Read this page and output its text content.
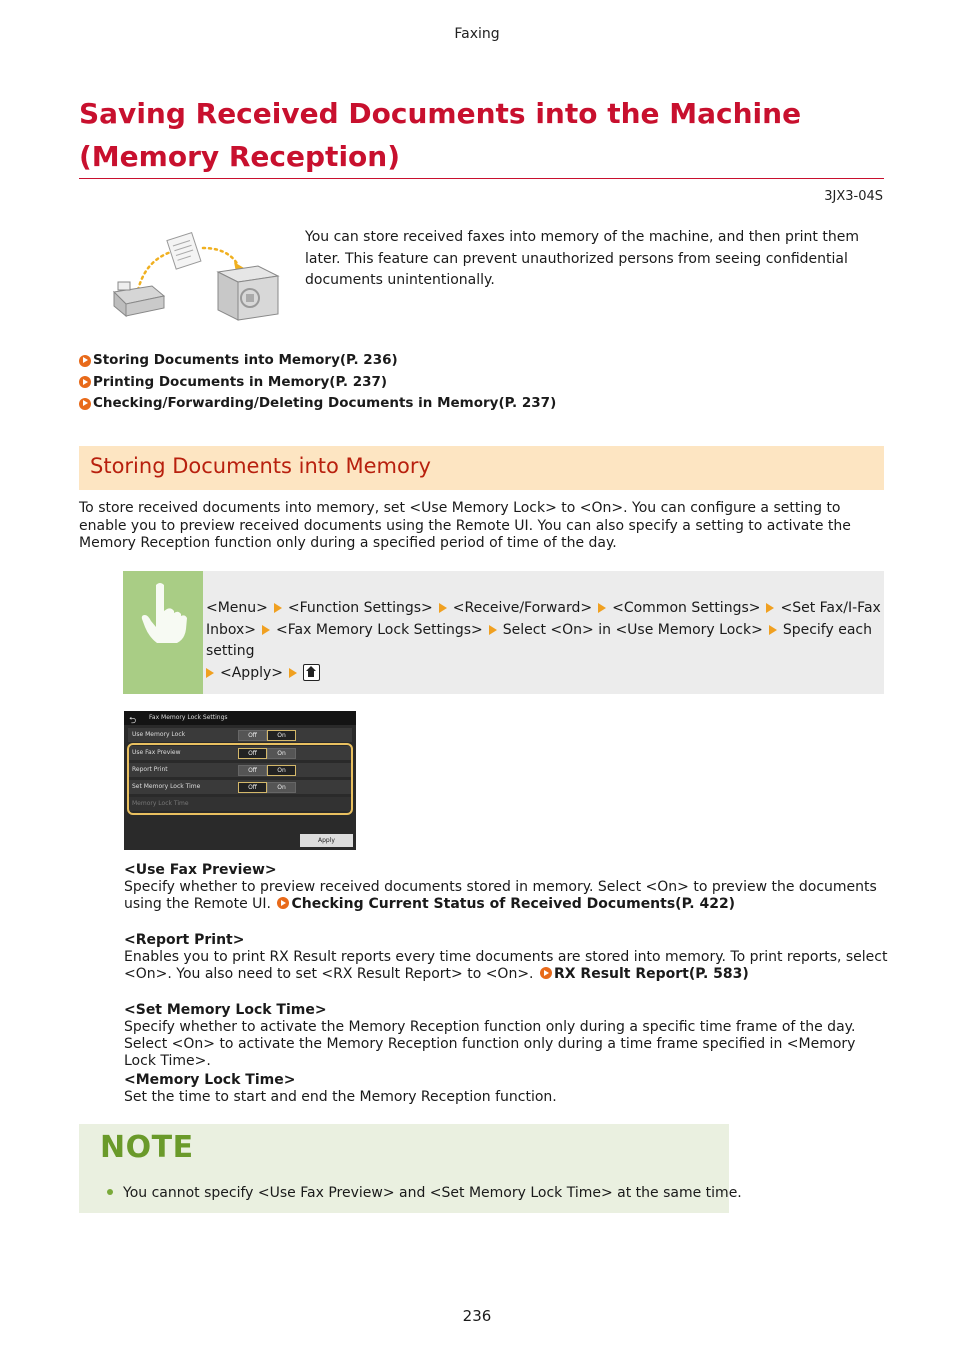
Faxing
Saving Received Documents into the Machine (Memory Reception)
3JX3-04S
You can store received faxes into memory of the machine, and then print them later. This feature can prevent unauthorized persons from seeing confidential documents unintentionally.
Storing Documents into Memory(P. 236)
Printing Documents in Memory(P. 237)
Checking/Forwarding/Deleting Documents in Memory(P. 237)
Storing Documents into Memory
To store received documents into memory, set <Use Memory Lock> to <On>. You can configure a setting to enable you to preview received documents using the Remote UI. You can also specify a setting to activate the Memory Reception function only during a specified period of time of the day.
<Menu> <Function Settings> <Receive/Forward> <Common Settings> <Set Fax/I-Fax Inbox> <Fax Memory Lock Settings> Select <On> in <Use Memory Lock> Specify each setting
<Apply>
⮌ Fax Memory Lock Settings
Use Memory Lock	Off	On
Use Fax Preview	Off	On
Report Print	Off	On
Set Memory Lock Time	Off	On
Memory Lock Time
Apply
<Use Fax Preview>
Specify whether to preview received documents stored in memory. Select <On> to preview the documents using the Remote UI. Checking Current Status of Received Documents(P. 422)
<Report Print>
Enables you to print RX Result reports every time documents are stored into memory. To print reports, select <On>. You also need to set <RX Result Report> to <On>. RX Result Report(P. 583)
<Set Memory Lock Time>
Specify whether to activate the Memory Reception function only during a specific time frame of the day. Select <On> to activate the Memory Reception function only during a time frame specified in <Memory Lock Time>.
<Memory Lock Time>
Set the time to start and end the Memory Reception function.
NOTE
You cannot specify <Use Fax Preview> and <Set Memory Lock Time> at the same time.
236
